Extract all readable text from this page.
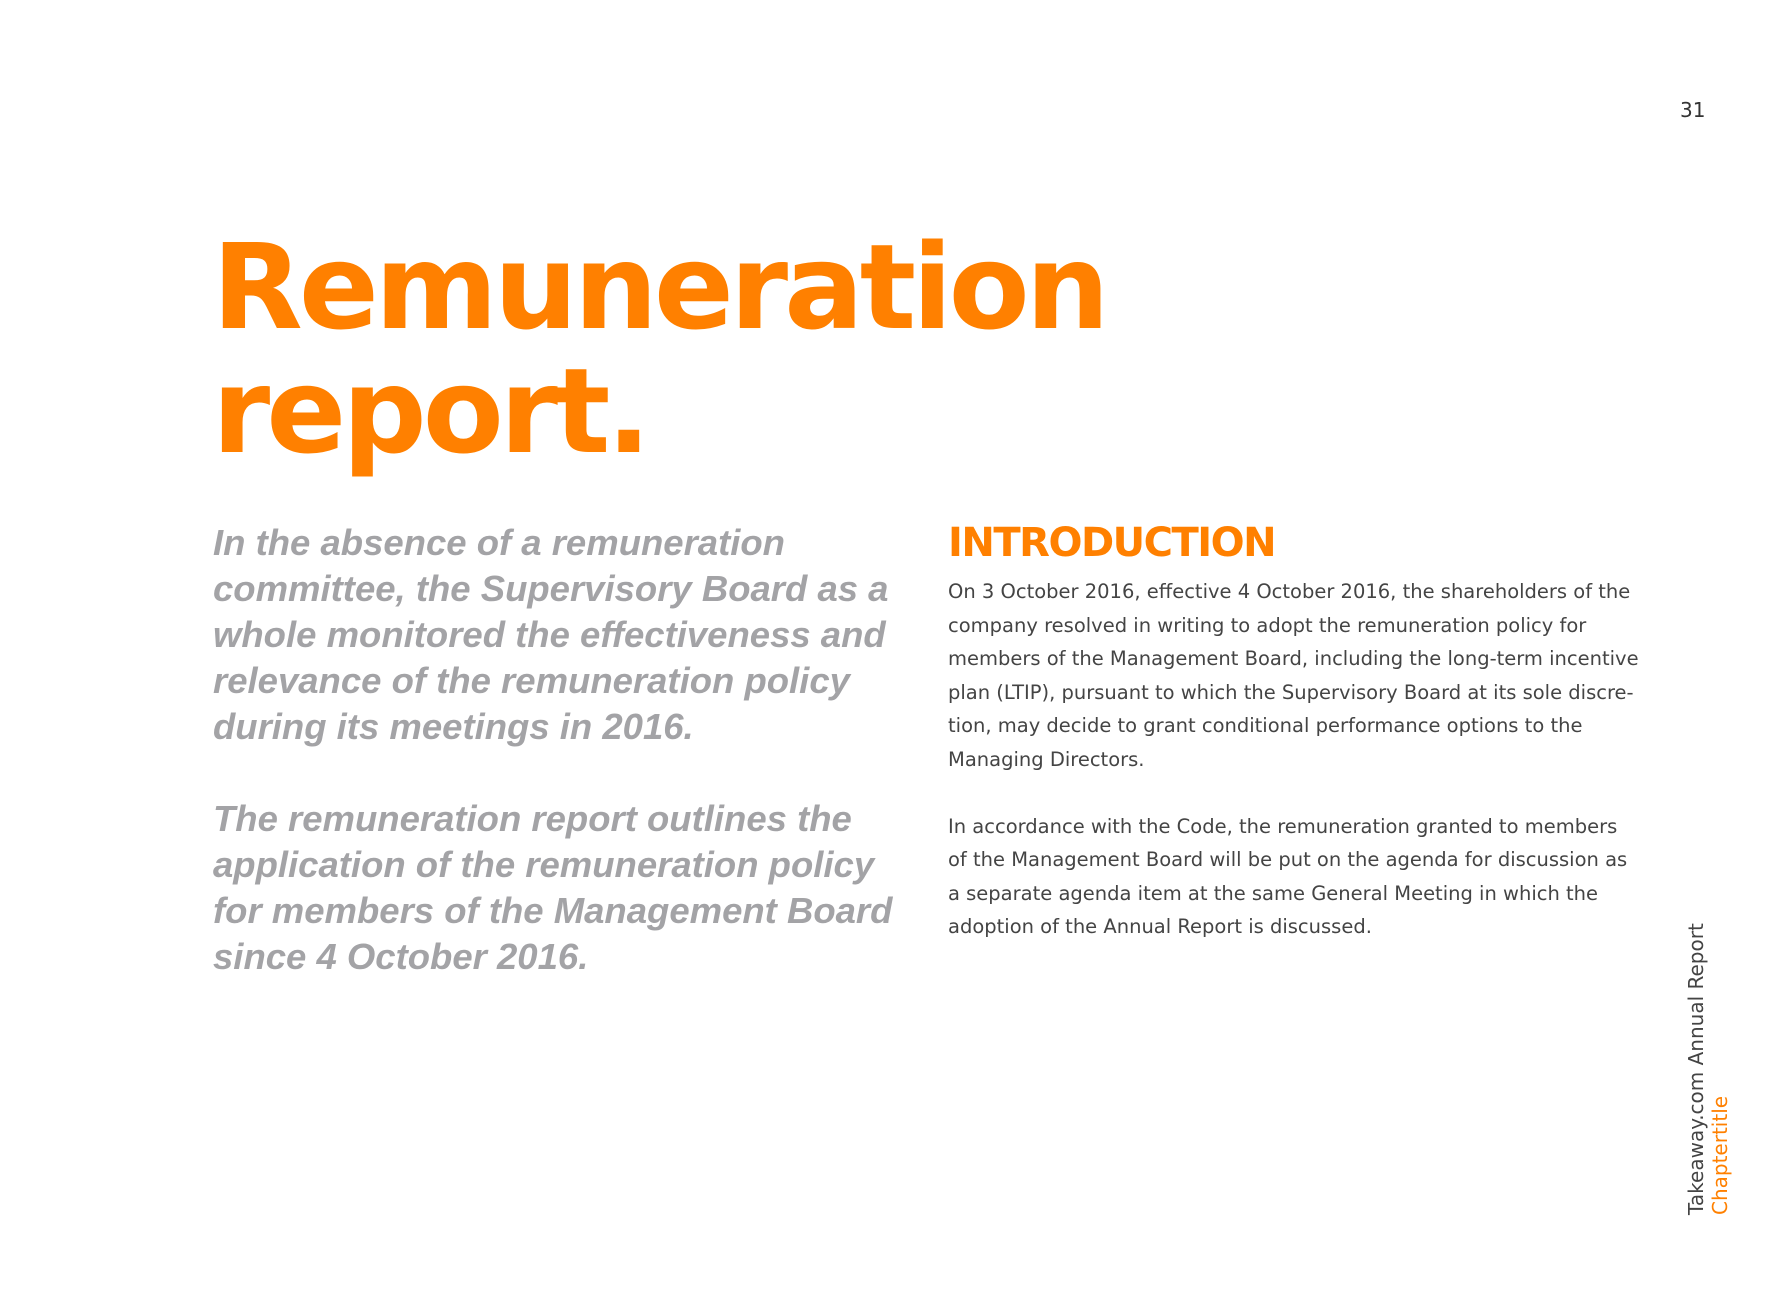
31
Remuneration
report.

In the absence of a remuneration
committee, the Supervisory Board as a
whole monitored the effectiveness and
relevance of the remuneration policy
during its meetings in 2016.

The remuneration report outlines the
application of the remuneration policy
for members of the Management Board
since 4 October 2016.

INTRODUCTION

On 3 October 2016, effective 4 October 2016, the shareholders of the
company resolved in writing to adopt the remuneration policy for
members of the Management Board, including the long-term incentive
plan (LTIP), pursuant to which the Supervisory Board at its sole discre-
tion, may decide to grant conditional performance options to the
Managing Directors.

In accordance with the Code, the remuneration granted to members
of the Management Board will be put on the agenda for discussion as
a separate agenda item at the same General Meeting in which the
adoption of the Annual Report is discussed.	Takeaway.com Annual Report Chaptertitle
